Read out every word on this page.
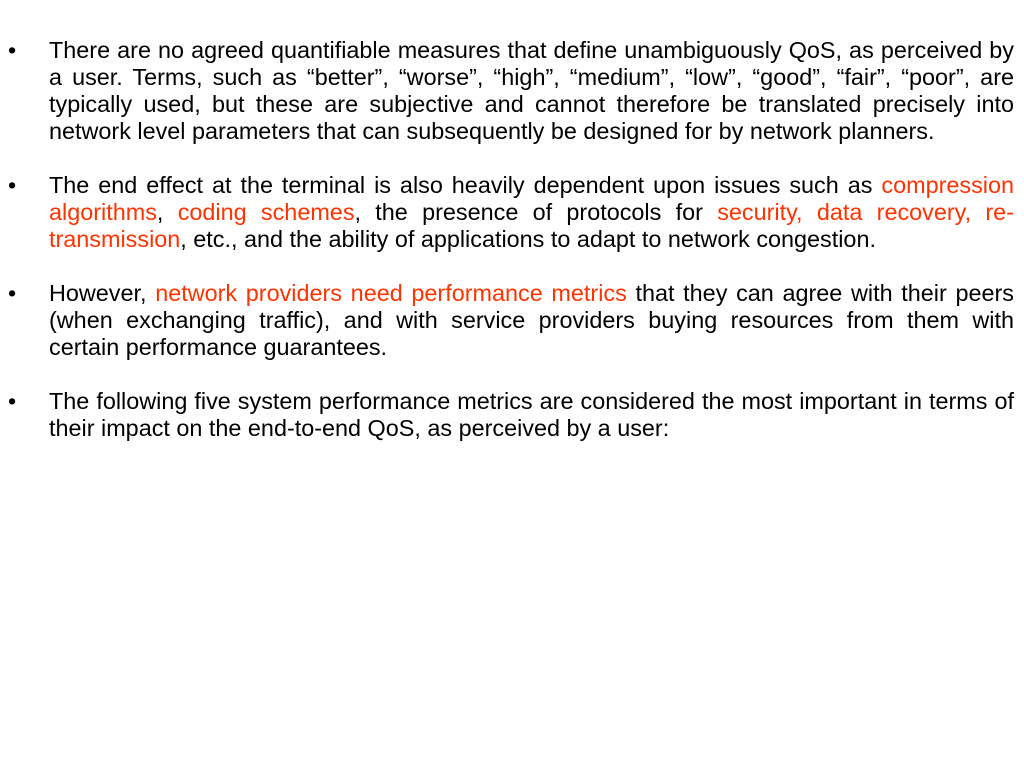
•	There are no agreed quantifiable measures that define unambiguously QoS, as perceived by a user. Terms, such as “better”, “worse”, “high”, “medium”, “low”, “good”, “fair”, “poor”, are typically used, but these are subjective and cannot therefore be translated precisely into network level parameters that can subsequently be designed for by network planners.
•	The end effect at the terminal is also heavily dependent upon issues such as compression algorithms, coding schemes, the presence of protocols for security, data recovery, re-transmission, etc., and the ability of applications to adapt to network congestion.
•	However, network providers need performance metrics that they can agree with their peers (when exchanging traffic), and with service providers buying resources from them with certain performance guarantees.
•	The following five system performance metrics are considered the most important in terms of their impact on the end-to-end QoS, as perceived by a user:
